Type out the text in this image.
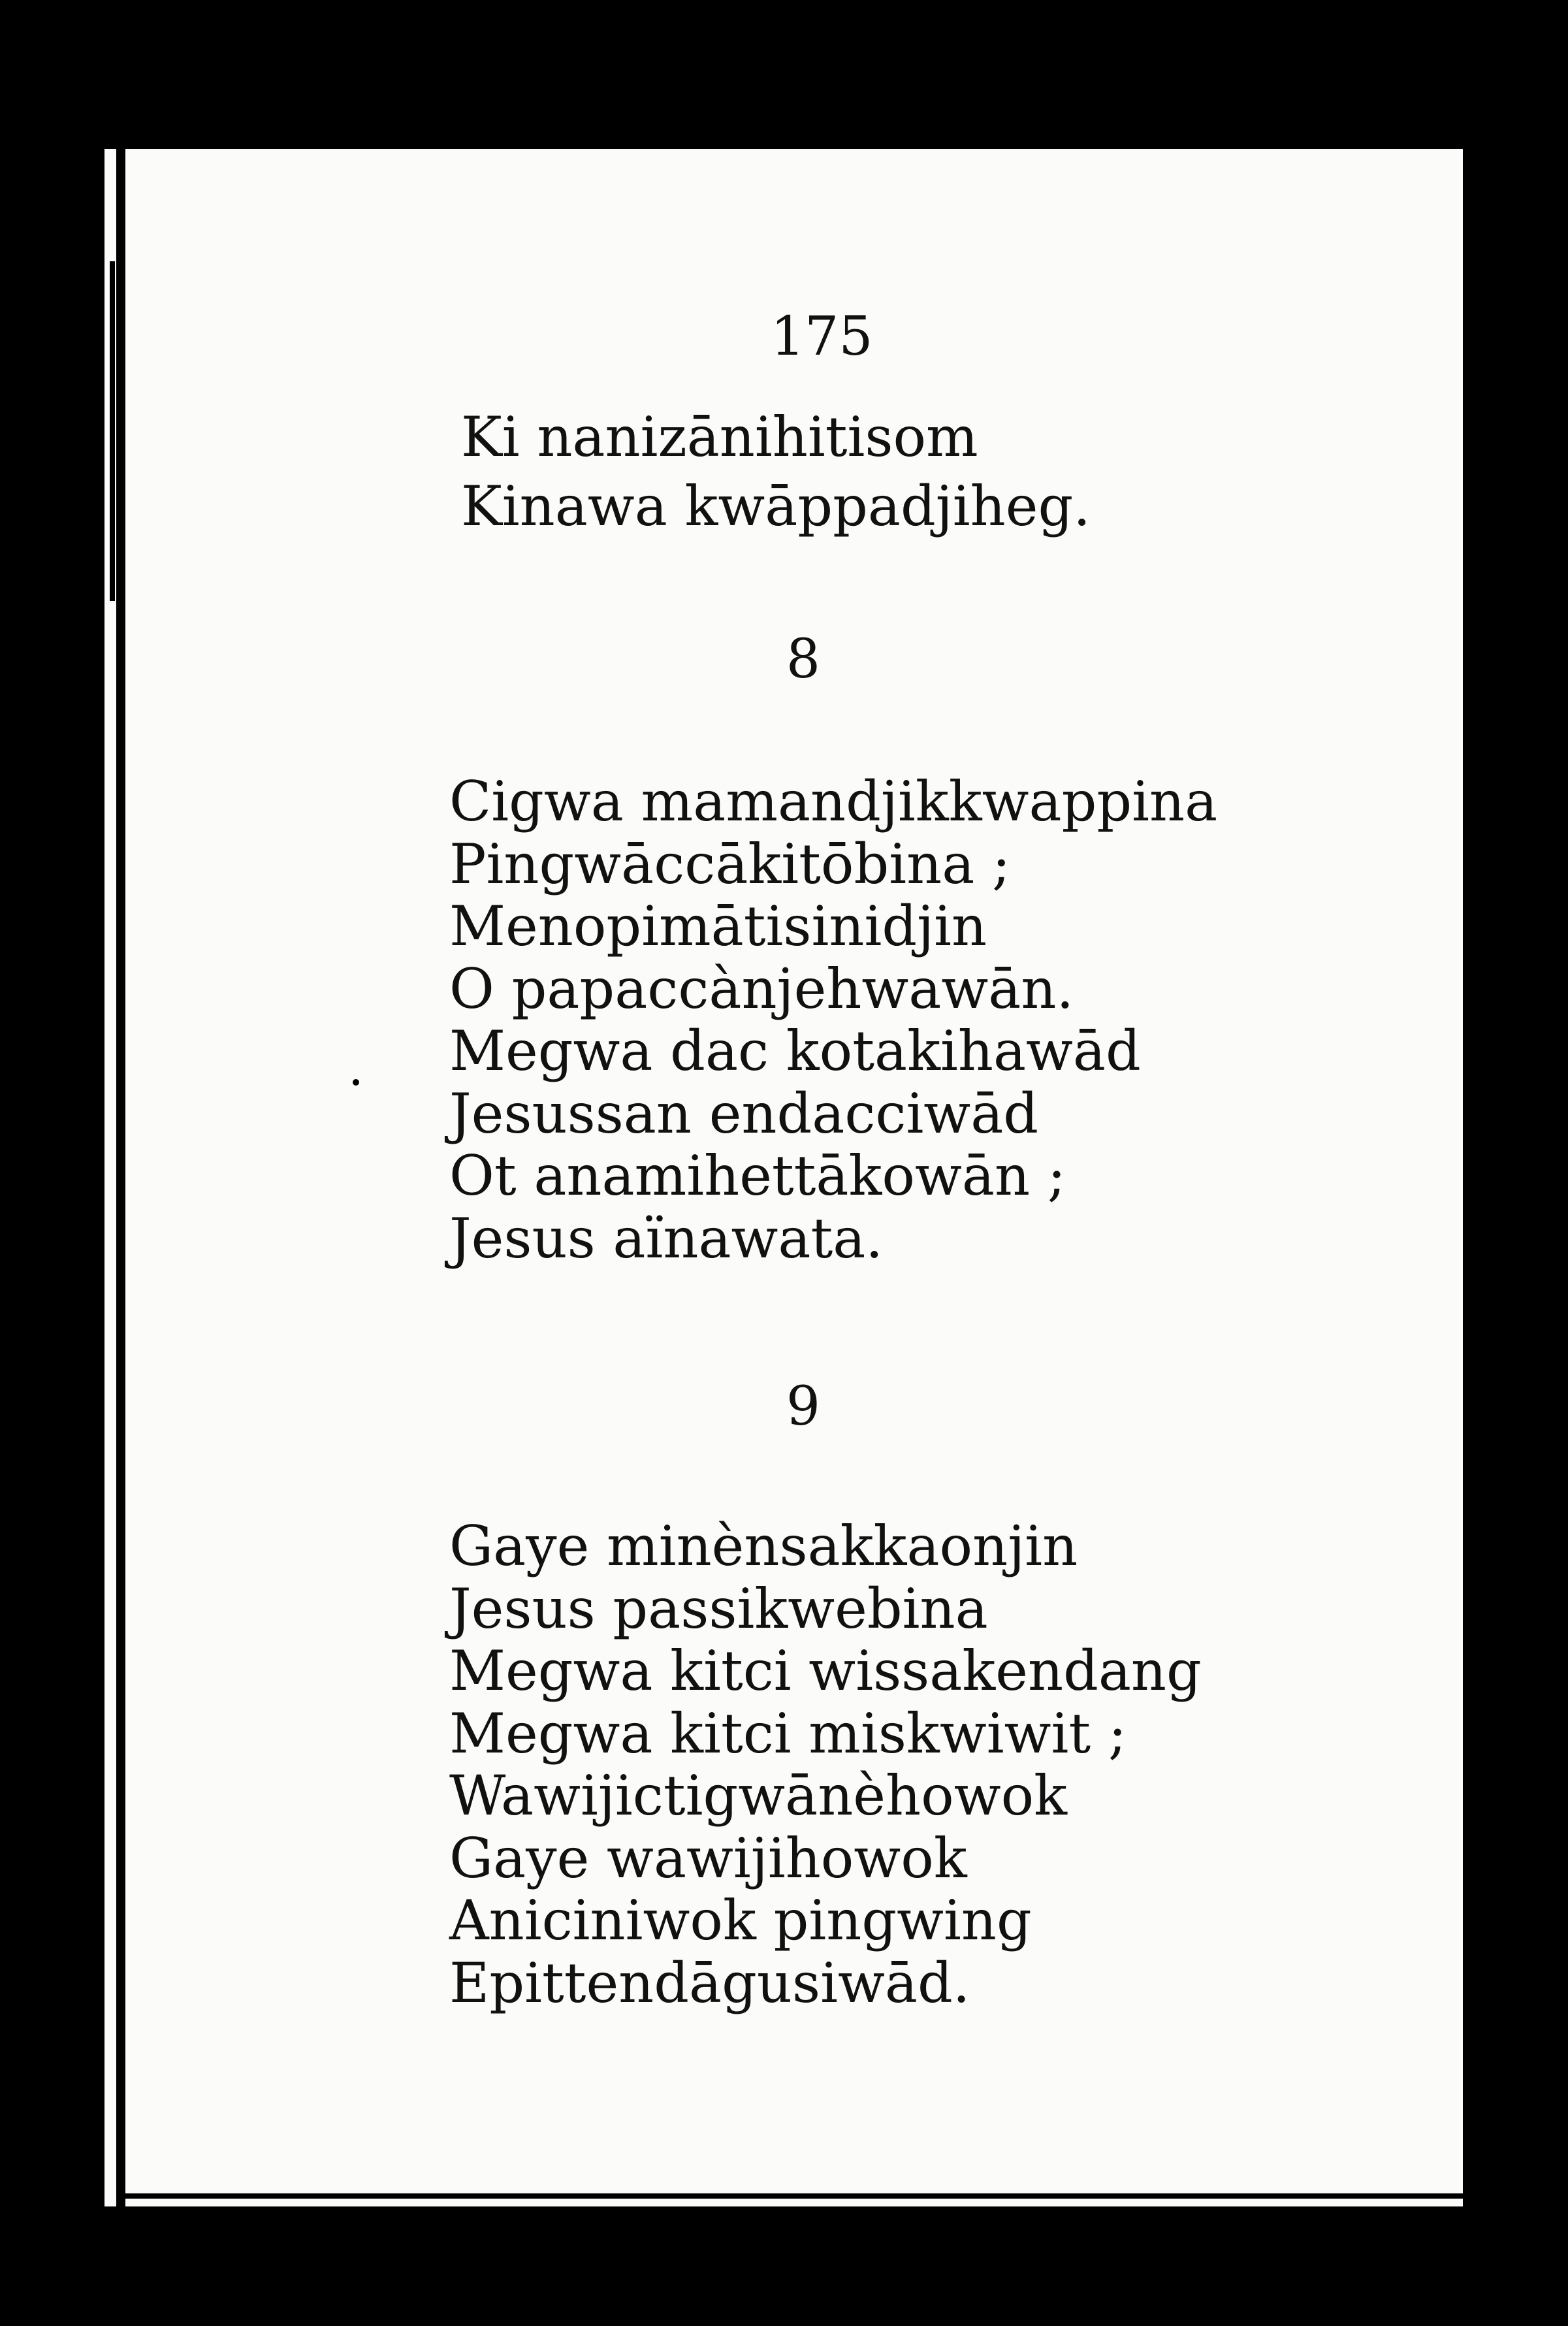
175
Ki nanizānihitisom
Kinawa kwāppadjiheg.
8
Cigwa mamandjikkwappina
Pingwāccākitōbina ;
Menopimātisinidjin
O papaccànjehwawān.
Megwa dac kotakihawād
Jesussan endacciwād
Ot anamihettākowān ;
Jesus aïnawata.
9
Gaye minènsakkaonjin
Jesus passikwebina
Megwa kitci wissakendang
Megwa kitci miskwiwit ;
Wawijictigwānèhowok
Gaye wawijihowok
Aniciniwok pingwing
Epittendāgusiwād.
